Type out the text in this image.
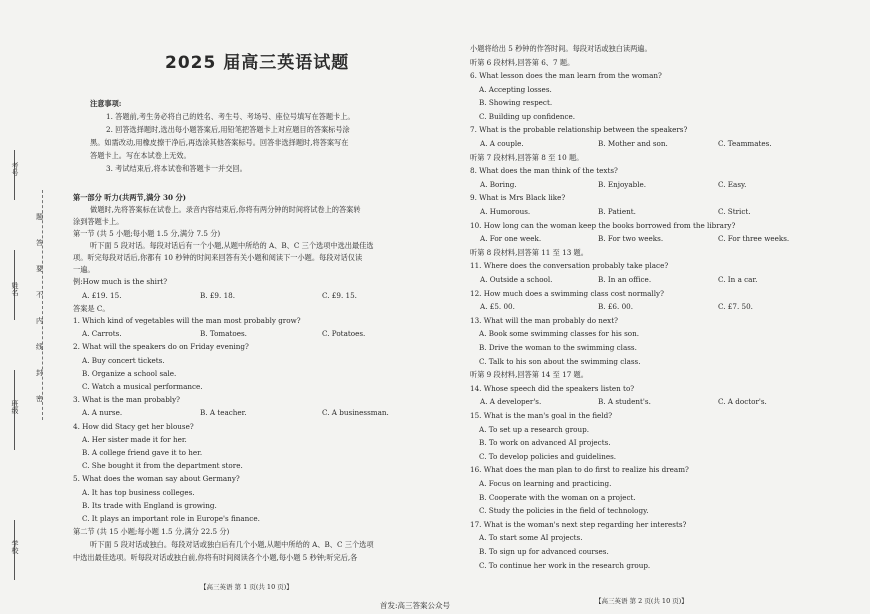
2025 届高三英语试题
考号
姓名
班级
学校
题
答
要
不
内
线
封
密
注意事项:
1. 答题前,考生务必将自己的姓名、考生号、考场号、座位号填写在答题卡上。
2. 回答选择题时,选出每小题答案后,用铅笔把答题卡上对应题目的答案标号涂
黑。如需改动,用橡皮擦干净后,再选涂其他答案标号。回答非选择题时,将答案写在
答题卡上。写在本试卷上无效。
3. 考试结束后,将本试卷和答题卡一并交回。
第一部分 听力(共两节,满分 30 分)
做题时,先将答案标在试卷上。录音内容结束后,你将有两分钟的时间将试卷上的答案转
涂到答题卡上。
第一节 (共 5 小题;每小题 1.5 分,满分 7.5 分)
听下面 5 段对话。每段对话后有一个小题,从题中所给的 A、B、C 三个选项中选出最佳选
项。听完每段对话后,你都有 10 秒钟的时间来回答有关小题和阅读下一小题。每段对话仅读
一遍。
例:How much is the shirt?
A. £19. 15.	B. £9. 18.	C. £9. 15.
答案是 C。
1. Which kind of vegetables will the man most probably grow?
A. Carrots.	B. Tomatoes.	C. Potatoes.
2. What will the speakers do on Friday evening?
A. Buy concert tickets.
B. Organize a school sale.
C. Watch a musical performance.
3. What is the man probably?
A. A nurse.	B. A teacher.	C. A businessman.
4. How did Stacy get her blouse?
A. Her sister made it for her.
B. A college friend gave it to her.
C. She bought it from the department store.
5. What does the woman say about Germany?
A. It has top business colleges.
B. Its trade with England is growing.
C. It plays an important role in Europe's finance.
第二节 (共 15 小题;每小题 1.5 分,满分 22.5 分)
听下面 5 段对话或独白。每段对话或独白后有几个小题,从题中所给的 A、B、C 三个选项
中选出最佳选项。听每段对话或独白前,你将有时间阅读各个小题,每小题 5 秒钟;听完后,各
小题将给出 5 秒钟的作答时间。每段对话或独白读两遍。
听第 6 段材料,回答第 6、7 题。
6. What lesson does the man learn from the woman?
A. Accepting losses.
B. Showing respect.
C. Building up confidence.
7. What is the probable relationship between the speakers?
A. A couple.	B. Mother and son.	C. Teammates.
听第 7 段材料,回答第 8 至 10 题。
8. What does the man think of the texts?
A. Boring.	B. Enjoyable.	C. Easy.
9. What is Mrs Black like?
A. Humorous.	B. Patient.	C. Strict.
10. How long can the woman keep the books borrowed from the library?
A. For one week.	B. For two weeks.	C. For three weeks.
听第 8 段材料,回答第 11 至 13 题。
11. Where does the conversation probably take place?
A. Outside a school.	B. In an office.	C. In a car.
12. How much does a swimming class cost normally?
A. £5. 00.	B. £6. 00.	C. £7. 50.
13. What will the man probably do next?
A. Book some swimming classes for his son.
B. Drive the woman to the swimming class.
C. Talk to his son about the swimming class.
听第 9 段材料,回答第 14 至 17 题。
14. Whose speech did the speakers listen to?
A. A developer's.	B. A student's.	C. A doctor's.
15. What is the man's goal in the field?
A. To set up a research group.
B. To work on advanced AI projects.
C. To develop policies and guidelines.
16. What does the man plan to do first to realize his dream?
A. Focus on learning and practicing.
B. Cooperate with the woman on a project.
C. Study the policies in the field of technology.
17. What is the woman's next step regarding her interests?
A. To start some AI projects.
B. To sign up for advanced courses.
C. To continue her work in the research group.
【高三英语 第 1 页(共 10 页)】
【高三英语 第 2 页(共 10 页)】
首发:高三答案公众号
